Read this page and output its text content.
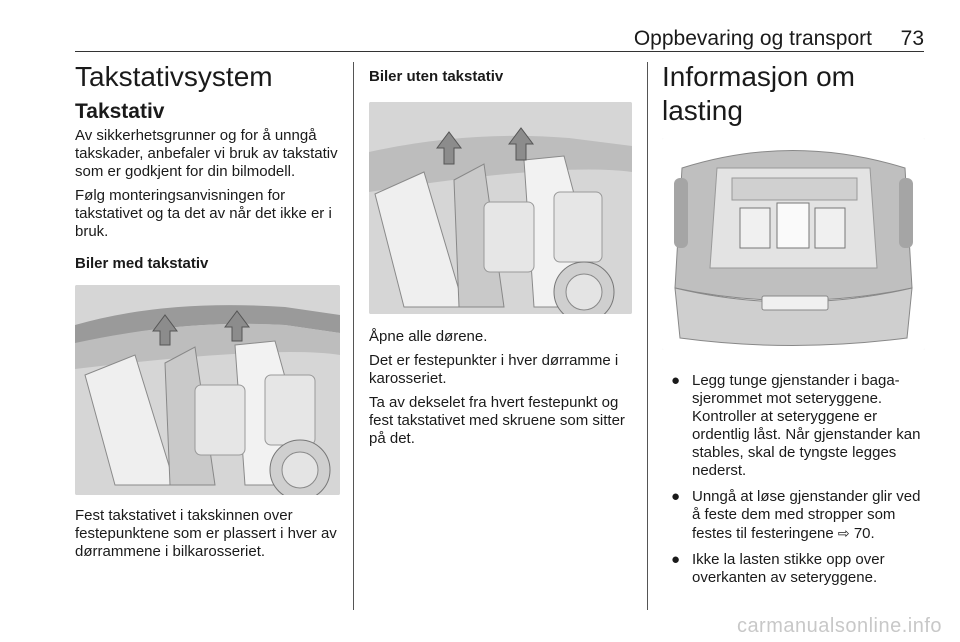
Oppbevaring og transport 73
Takstativsystem
Takstativ

Av sikkerhetsgrunner og for å unngå takskader, anbefaler vi bruk av takstativ som er godkjent for din bilmodell.

Følg monteringsanvisningen for takstativet og ta det av når det ikke er i bruk.

Biler med takstativ

Fest takstativet i takskinnen over festepunktene som er plassert i hver av dørrammene i bilkarosseriet.

Biler uten takstativ

Åpne alle dørene.

Det er festepunkter i hver dørramme i karosseriet.

Ta av dekselet fra hvert festepunkt og fest takstativet med skruene som sitter på det.

Informasjon om lasting
● Legg tunge gjenstander i baga-sjerommet mot seteryggene. Kontroller at seteryggene er ordentlig låst. Når gjenstander kan stables, skal de tyngste legges nederst.
● Unngå at løse gjenstander glir ved å feste dem med stropper som festes til festeringene ⇨ 70.
● Ikke la lasten stikke opp over overkanten av seteryggene.
carmanualsonline.info
